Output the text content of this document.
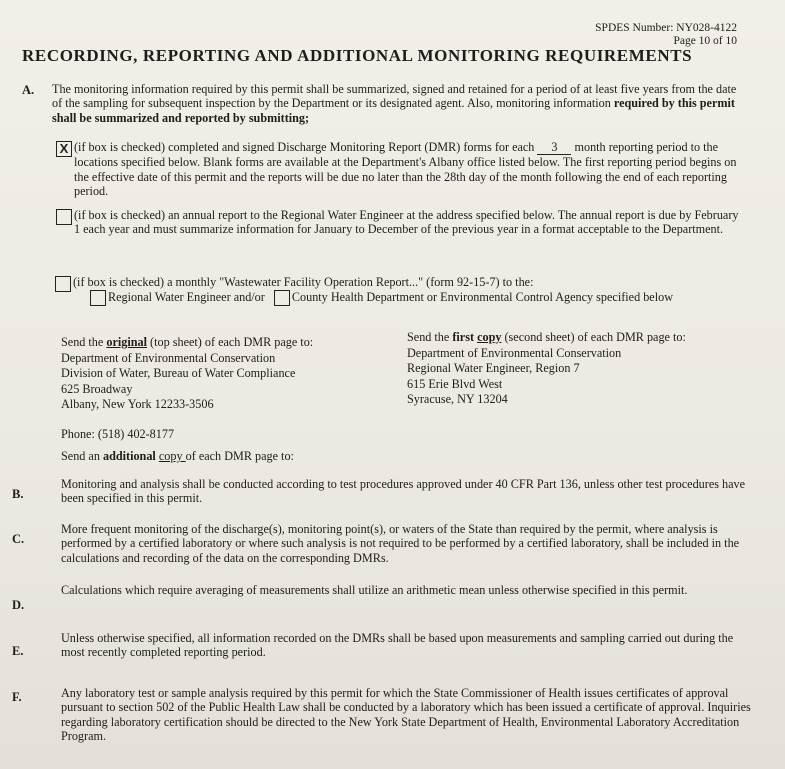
SPDES Number: NY028-4122
Page 10 of 10
RECORDING, REPORTING AND ADDITIONAL MONITORING REQUIREMENTS
A. The monitoring information required by this permit shall be summarized, signed and retained for a period of at least five years from the date of the sampling for subsequent inspection by the Department or its designated agent. Also, monitoring information required by this permit shall be summarized and reported by submitting;
X (if box is checked) completed and signed Discharge Monitoring Report (DMR) forms for each 3 month reporting period to the locations specified below. Blank forms are available at the Department's Albany office listed below. The first reporting period begins on the effective date of this permit and the reports will be due no later than the 28th day of the month following the end of each reporting period.
(if box is checked) an annual report to the Regional Water Engineer at the address specified below. The annual report is due by February 1 each year and must summarize information for January to December of the previous year in a format acceptable to the Department.
(if box is checked) a monthly "Wastewater Facility Operation Report..." (form 92-15-7) to the:
Regional Water Engineer and/or County Health Department or Environmental Control Agency specified below
Send the original (top sheet) of each DMR page to:
Department of Environmental Conservation
Division of Water, Bureau of Water Compliance
625 Broadway
Albany, New York 12233-3506
Send the first copy (second sheet) of each DMR page to:
Department of Environmental Conservation
Regional Water Engineer, Region 7
615 Erie Blvd West
Syracuse, NY 13204
Phone: (518) 402-8177
Send an additional copy of each DMR page to:
B.
Monitoring and analysis shall be conducted according to test procedures approved under 40 CFR Part 136, unless other test procedures have been specified in this permit.
C.
More frequent monitoring of the discharge(s), monitoring point(s), or waters of the State than required by the permit, where analysis is performed by a certified laboratory or where such analysis is not required to be performed by a certified laboratory, shall be included in the calculations and recording of the data on the corresponding DMRs.
D.
Calculations which require averaging of measurements shall utilize an arithmetic mean unless otherwise specified in this permit.
E.
Unless otherwise specified, all information recorded on the DMRs shall be based upon measurements and sampling carried out during the most recently completed reporting period.
F.	Any laboratory test or sample analysis required by this permit for which the State Commissioner of Health issues certificates of approval pursuant to section 502 of the Public Health Law shall be conducted by a laboratory which has been issued a certificate of approval. Inquiries regarding laboratory certification should be directed to the New York State Department of Health, Environmental Laboratory Accreditation Program.
